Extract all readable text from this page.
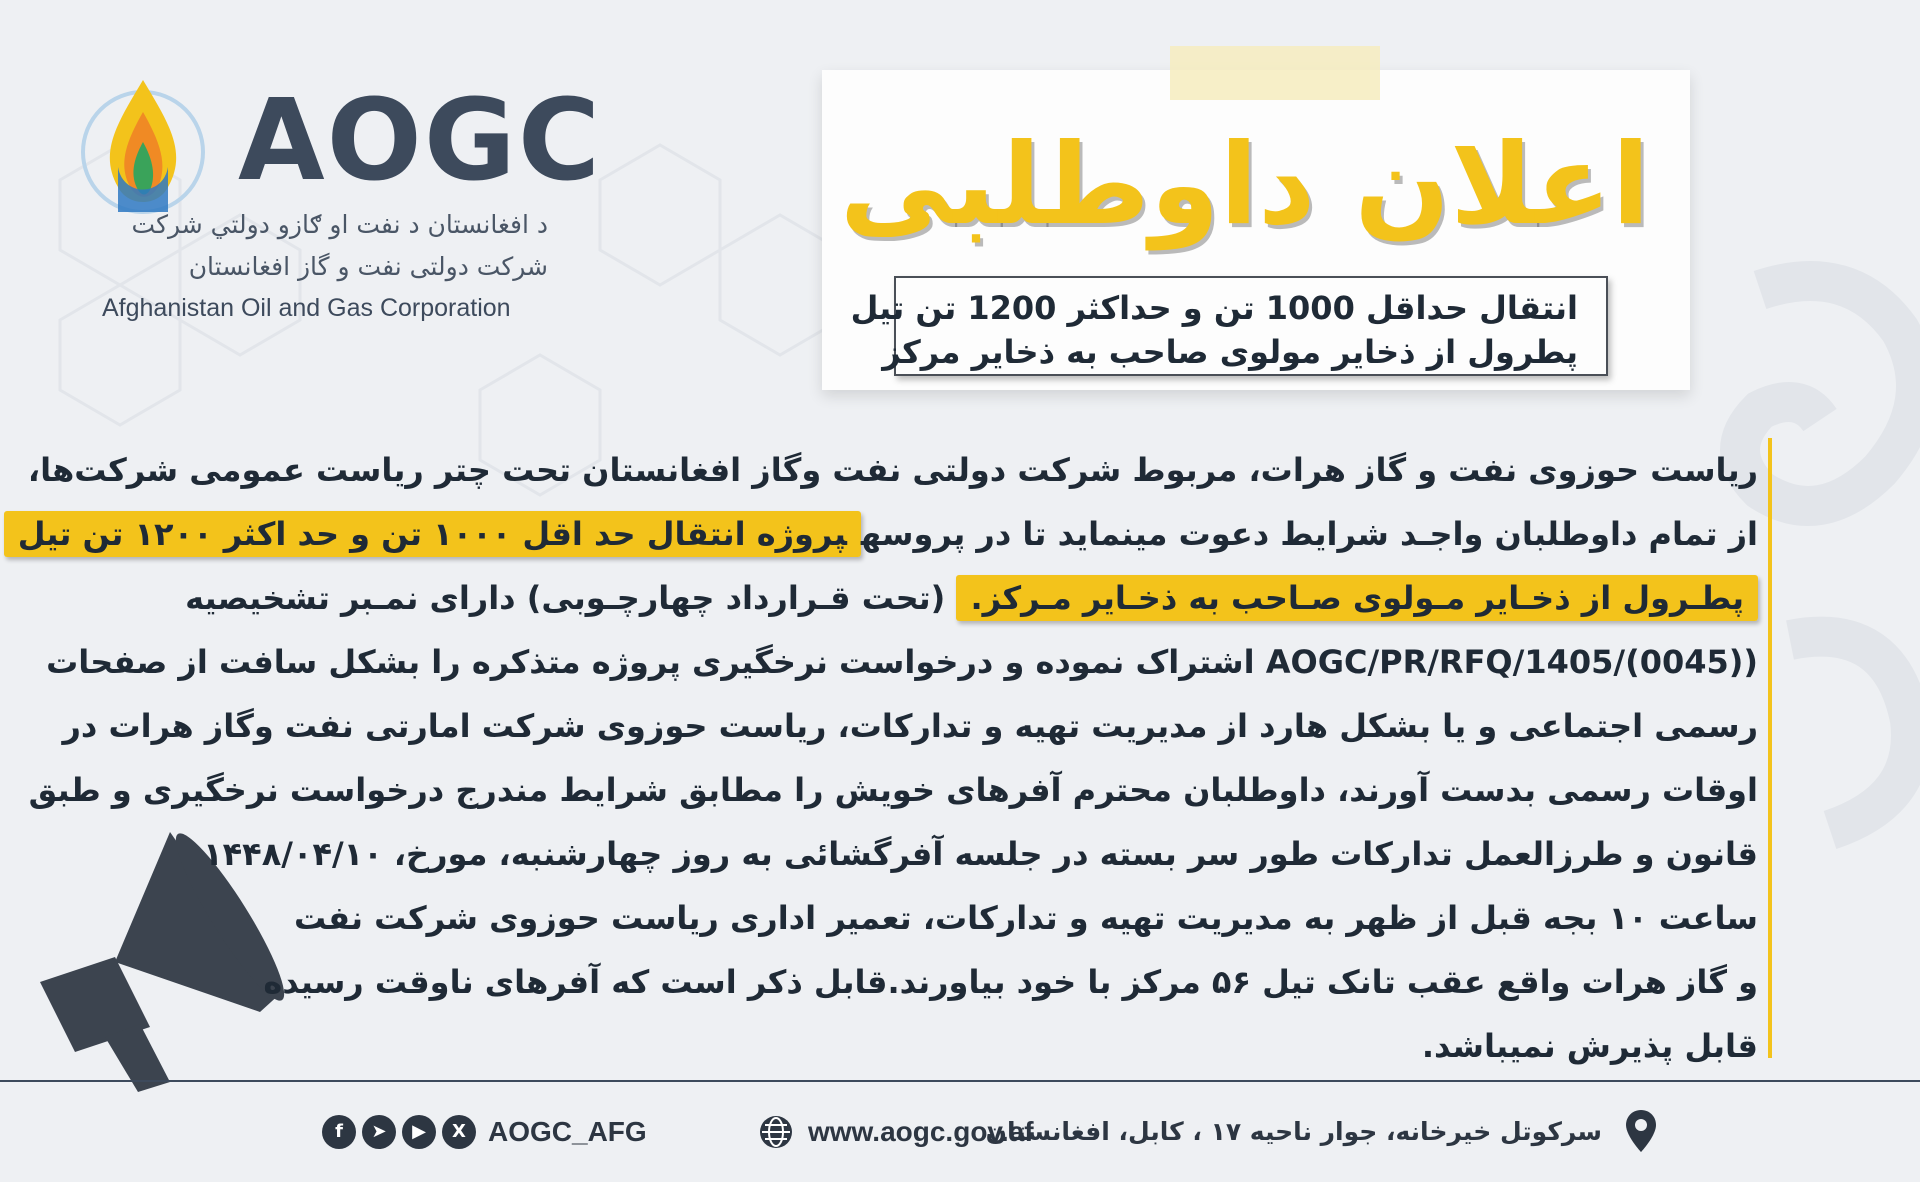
AOGC
د افغانستان د نفت او ګازو دولتي شرکت
شرکت دولتی نفت و گاز افغانستان
Afghanistan Oil and Gas Corporation
اعلان داوطلبی
انتقال حداقل 1000 تن و حداکثر 1200 تن تیل
پطرول از ذخایر مولوی صاحب به ذخایر مرکز
ریاست حوزوی نفت و گاز هرات، مربوط شرکت دولتی نفت وگاز افغانستان تحت چتر ریاست عمومی شرکت‌ها،
از تمام داوطلبان واجـد شرایط دعوت مینماید تا در پروسهپروژه انتقال حد اقل ۱۰۰۰ تن و حد اکثر ۱۲۰۰ تن تیل
پطـرول از ذخـایر مـولوی صـاحب به ذخـایر مـرکز. (تحت قـرارداد چهارچـوبی) دارای نمـبر تشخیصیه
(AOGC/PR/RFQ/1405/(0045) اشتراک نموده و درخواست نرخگیری پروژه متذکره را بشکل سافت از صفحات
رسمی اجتماعی و یا بشکل هارد از مدیریت تهیه و تدارکات، ریاست حوزوی شرکت امارتی نفت وگاز هرات در
اوقات رسمی بدست آورند، داوطلبان محترم آفرهای خویش را مطابق شرایط مندرج درخواست نرخگیری و طبق
قانون و طرزالعمل تدارکات طور سر بسته در جلسه آفرگشائی به روز چهارشنبه، مورخ، ۱۴۴۸/۰۴/۱۰
ساعت ۱۰ بجه قبل از ظهر به مدیریت تهیه و تدارکات، تعمیر اداری ریاست حوزوی شرکت نفت
و گاز هرات واقع عقب تانک تیل ۵۶ مرکز با خود بیاورند.قابل ذکر است که آفرهای ناوقت رسیده
قابل پذیرش نمیباشد.
f	➤	▶	X AOGC_AFG	www.aogc.gov.af
سرکوتل خیرخانه، جوار ناحیه ۱۷ ، کابل، افغانستان
